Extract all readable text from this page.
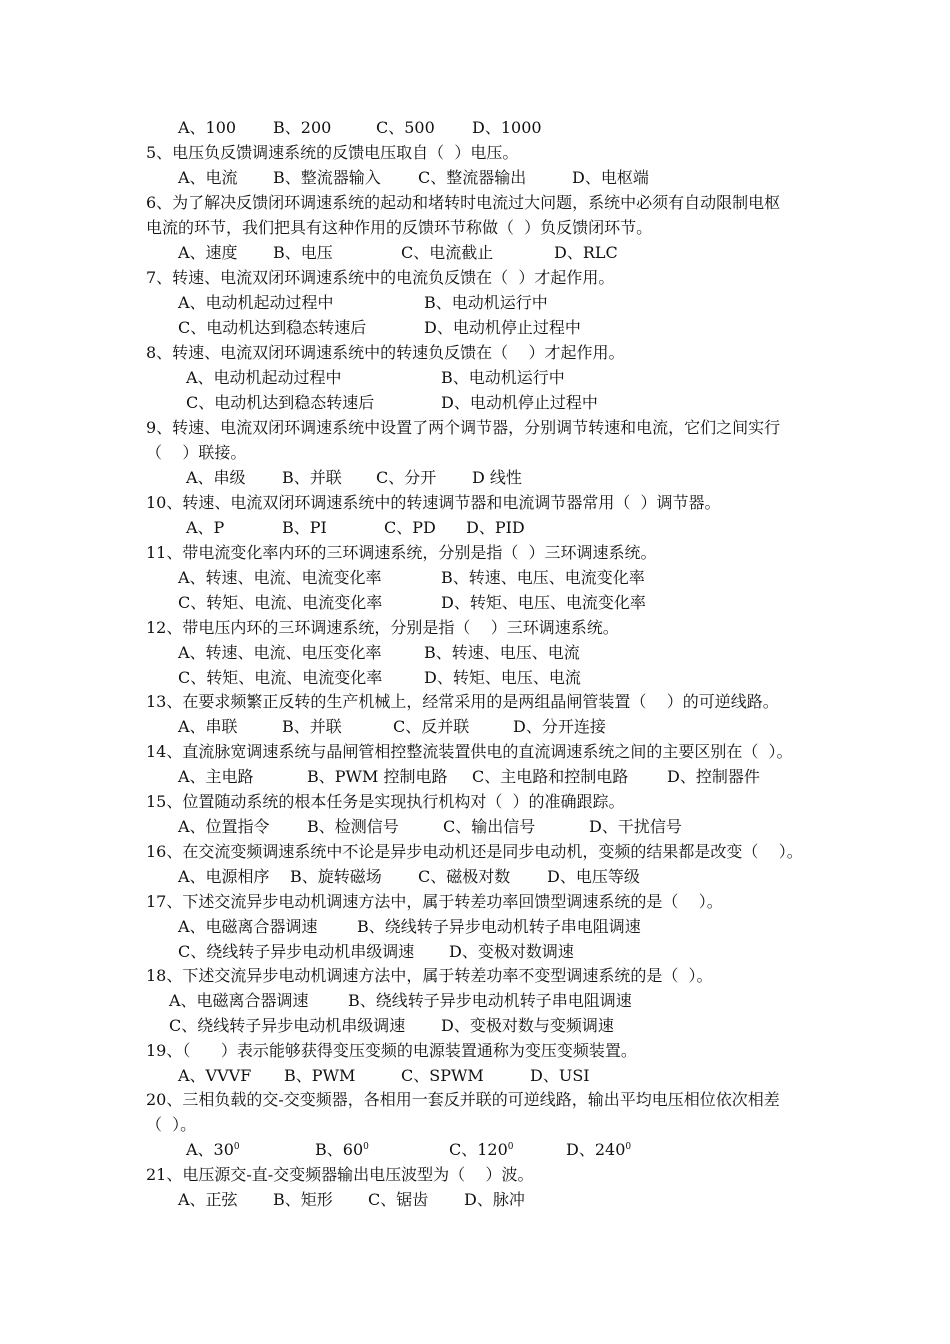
A、100 B、200	C、500 D、1000
5、电压负反馈调速系统的反馈电压取自（  ）电压。
A、电流 B、整流器输入 C、整流器输出	D、电枢端
6、为了解决反馈闭环调速系统的起动和堵转时电流过大问题，系统中必须有自动限制电枢
电流的环节，我们把具有这种作用的反馈环节称做（  ）负反馈闭环节。
A、速度 B、电压	C、电流截止	D、RLC
7、转速、电流双闭环调速系统中的电流负反馈在（  ）才起作用。
A、电动机起动过程中	B、电动机运行中
C、电动机达到稳态转速后	D、电动机停止过程中
8、转速、电流双闭环调速系统中的转速负反馈在（    ）才起作用。
A、电动机起动过程中	B、电动机运行中
C、电动机达到稳态转速后	D、电动机停止过程中
9、转速、电流双闭环调速系统中设置了两个调节器，分别调节转速和电流，它们之间实行
（    ）联接。
A、串级 B、并联 C、分开 D 线性
10、转速、电流双闭环调速系统中的转速调节器和电流调节器常用（  ）调节器。
A、P	B、PI	C、PD D、PID
11、带电流变化率内环的三环调速系统，分别是指（  ）三环调速系统。
A、转速、电流、电流变化率	B、转速、电压、电流变化率
C、转矩、电流、电流变化率	D、转矩、电压、电流变化率
12、带电压内环的三环调速系统，分别是指（    ）三环调速系统。
A、转速、电流、电压变化率	B、转速、电压、电流
C、转矩、电流、电流变化率	D、转矩、电压、电流
13、在要求频繁正反转的生产机械上，经常采用的是两组晶闸管装置（    ）的可逆线路。
A、串联	B、并联	C、反并联	D、分开连接
14、直流脉宽调速系统与晶闸管相控整流装置供电的直流调速系统之间的主要区别在（  ）。
A、主电路	B、PWM 控制电路 C、主电路和控制电路 D、控制器件
15、位置随动系统的根本任务是实现执行机构对（  ）的准确跟踪。
A、位置指令 B、检测信号	C、输出信号	D、干扰信号
16、在交流变频调速系统中不论是异步电动机还是同步电动机，变频的结果都是改变（    ）。
A、电源相序 B、旋转磁场 C、磁极对数 D、电压等级
17、下述交流异步电动机调速方法中，属于转差功率回馈型调速系统的是（    ）。
A、电磁离合器调速 B、绕线转子异步电动机转子串电阻调速
C、绕线转子异步电动机串级调速 D、变极对数调速
18、下述交流异步电动机调速方法中，属于转差功率不变型调速系统的是（  ）。
A、电磁离合器调速 B、绕线转子异步电动机转子串电阻调速
C、绕线转子异步电动机串级调速 D、变极对数与变频调速
19、（      ）表示能够获得变压变频的电源装置通称为变压变频装置。
A、VVVF B、PWM	C、SPWM	D、USI
20、三相负载的交-交变频器，各相用一套反并联的可逆线路，输出平均电压相位依次相差
（  ）。
A、$30^0$	B、$60^0$	C、$120^0$	D、$240^0$
21、电压源交-直-交变频器输出电压波型为（    ）波。
A、正弦 B、矩形 C、锯齿 D、脉冲
